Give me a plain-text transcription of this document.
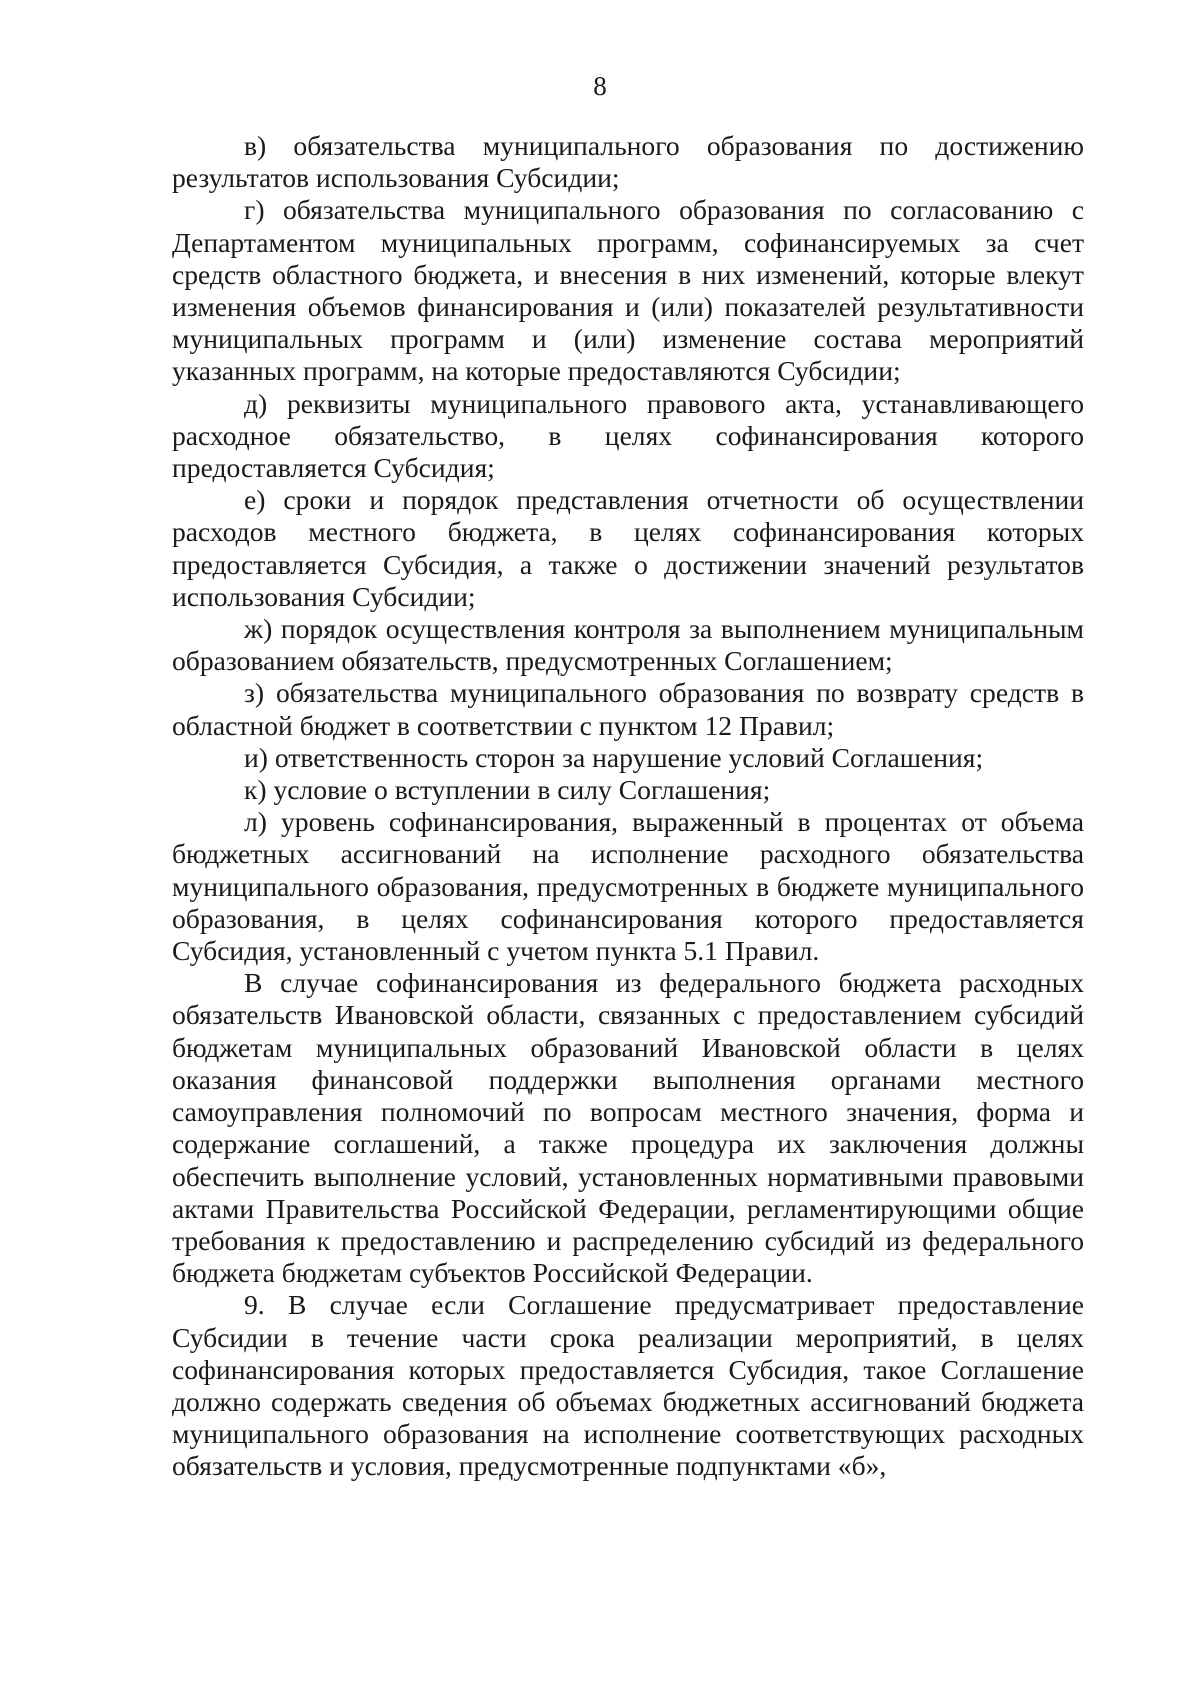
8

в) обязательства муниципального образования по достижению результатов использования Субсидии;

г) обязательства муниципального образования по согласованию с Департаментом муниципальных программ, софинансируемых за счет средств областного бюджета, и внесения в них изменений, которые влекут изменения объемов финансирования и (или) показателей результативности муниципальных программ и (или) изменение состава мероприятий указанных программ, на которые предоставляются Субсидии;

д) реквизиты муниципального правового акта, устанавливающего расходное обязательство, в целях софинансирования которого предоставляется Субсидия;

е) сроки и порядок представления отчетности об осуществлении расходов местного бюджета, в целях софинансирования которых предоставляется Субсидия, а также о достижении значений результатов использования Субсидии;

ж) порядок осуществления контроля за выполнением муниципальным образованием обязательств, предусмотренных Соглашением;

з) обязательства муниципального образования по возврату средств в областной бюджет в соответствии с пунктом 12 Правил;

и) ответственность сторон за нарушение условий Соглашения;

к) условие о вступлении в силу Соглашения;

л) уровень софинансирования, выраженный в процентах от объема бюджетных ассигнований на исполнение расходного обязательства муниципального образования, предусмотренных в бюджете муниципального образования, в целях софинансирования которого предоставляется Субсидия, установленный с учетом пункта 5.1 Правил.

В случае софинансирования из федерального бюджета расходных обязательств Ивановской области, связанных с предоставлением субсидий бюджетам муниципальных образований Ивановской области в целях оказания финансовой поддержки выполнения органами местного самоуправления полномочий по вопросам местного значения, форма и содержание соглашений, а также процедура их заключения должны обеспечить выполнение условий, установленных нормативными правовыми актами Правительства Российской Федерации, регламентирующими общие требования к предоставлению и распределению субсидий из федерального бюджета бюджетам субъектов Российской Федерации.

9. В случае если Соглашение предусматривает предоставление Субсидии в течение части срока реализации мероприятий, в целях софинансирования которых предоставляется Субсидия, такое Соглашение должно содержать сведения об объемах бюджетных ассигнований бюджета муниципального образования на исполнение соответствующих расходных обязательств и условия, предусмотренные подпунктами «б»,
